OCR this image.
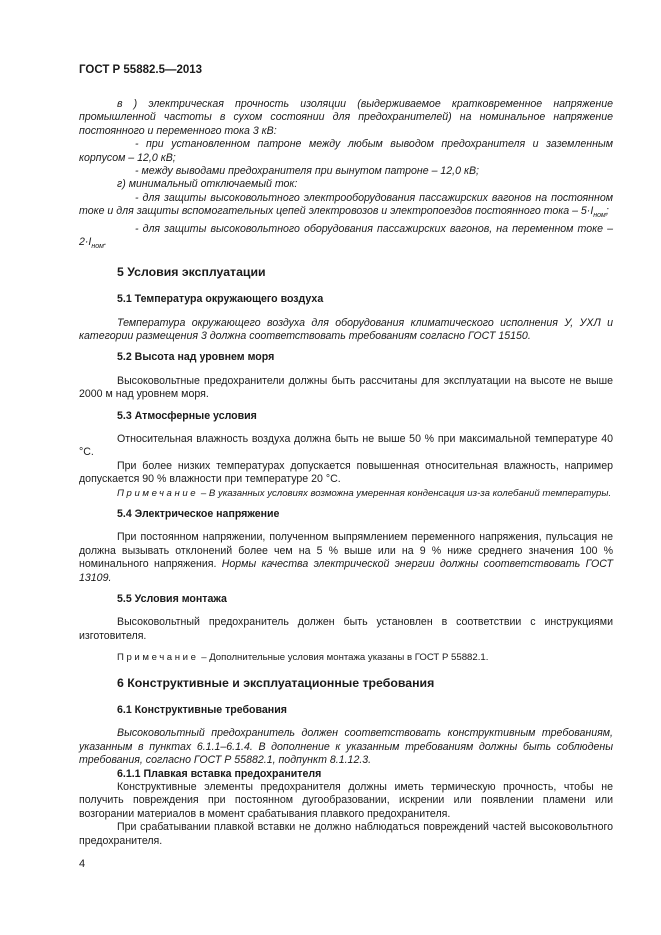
ГОСТ Р 55882.5—2013

в ) электрическая прочность изоляции (выдерживаемое кратковременное напряжение промышленной частоты в сухом состоянии для предохранителей) на номинальное напряжение постоянного и переменного тока 3 кВ:

- при установленном патроне между любым выводом предохранителя и заземленным корпусом – 12,0 кВ;

- между выводами предохранителя при вынутом патроне – 12,0 кВ;

г) минимальный отключаемый ток:

- для защиты высоковольтного электрооборудования пассажирских вагонов на постоянном токе и для защиты вспомогательных цепей электровозов и электропоездов постоянного тока – $5\cdot I_{ном}$;

- для защиты высоковольтного оборудования пассажирских вагонов, на переменном токе – $2\cdot I_{ном}$.

5 Условия эксплуатации
5.1 Температура окружающего воздуха

Температура окружающего воздуха для оборудования климатического исполнения У, УХЛ и категории размещения 3 должна соответствовать требованиям согласно ГОСТ 15150.

5.2 Высота над уровнем моря

Высоковольтные предохранители должны быть рассчитаны для эксплуатации на высоте не выше 2000 м над уровнем моря.

5.3 Атмосферные условия

Относительная влажность воздуха должна быть не выше 50 % при максимальной температуре 40 °C.

При более низких температурах допускается повышенная относительная влажность, например допускается 90 % влажности при температуре 20 °C.

Примечание – В указанных условиях возможна умеренная конденсация из-за колебаний температуры.

5.4 Электрическое напряжение

При постоянном напряжении, полученном выпрямлением переменного напряжения, пульсация не должна вызывать отклонений более чем на 5 % выше или на 9 % ниже среднего значения 100 % номинального напряжения. Нормы качества электрической энергии должны соответствовать ГОСТ 13109.

5.5 Условия монтажа

Высоковольтный предохранитель должен быть установлен в соответствии с инструкциями изготовителя.

Примечание – Дополнительные условия монтажа указаны в ГОСТ Р 55882.1.

6 Конструктивные и эксплуатационные требования
6.1 Конструктивные требования

Высоковольтный предохранитель должен соответствовать конструктивным требованиям, указанным в пунктах 6.1.1–6.1.4. В дополнение к указанным требованиям должны быть соблюдены требования, согласно ГОСТ Р 55882.1, подпункт 8.1.12.3.

6.1.1 Плавкая вставка предохранителя

Конструктивные элементы предохранителя должны иметь термическую прочность, чтобы не получить повреждения при постоянном дугообразовании, искрении или появлении пламени или возгорании материалов в момент срабатывания плавкого предохранителя.

При срабатывании плавкой вставки не должно наблюдаться повреждений частей высоковольтного предохранителя.

4
